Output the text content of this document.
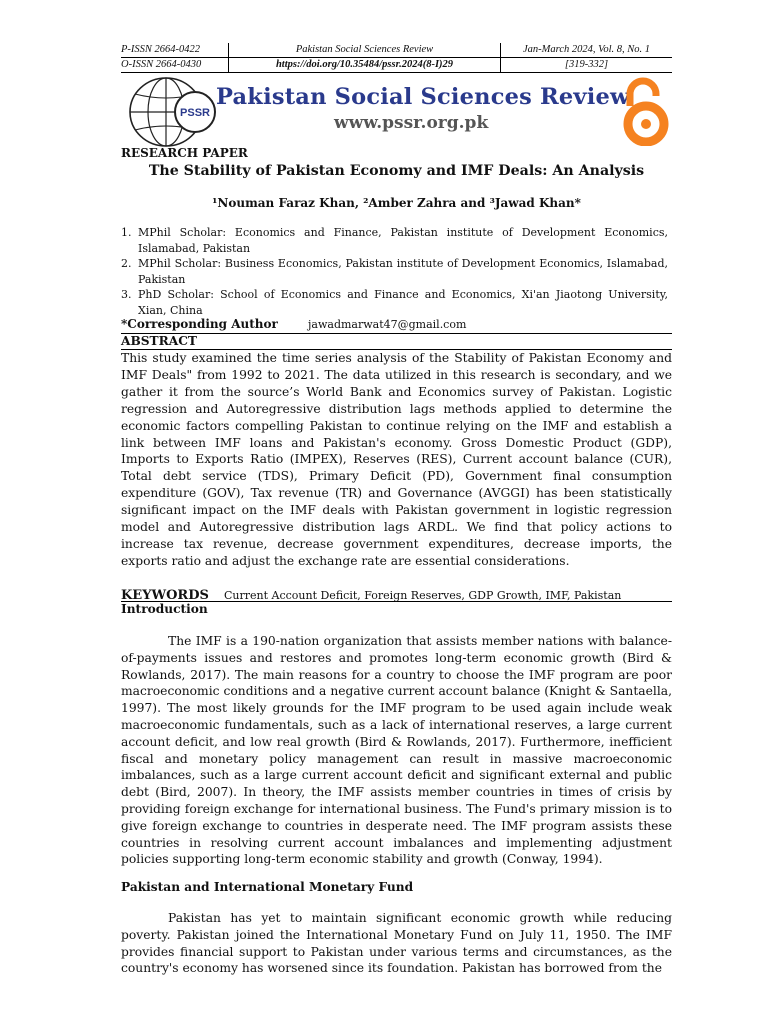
P-ISSN 2664-0422	Pakistan Social Sciences Review	Jan-March 2024, Vol. 8, No. 1
O-ISSN 2664-0430	https://doi.org/10.35484/pssr.2024(8-I)29	[319-332]
PSSR
Pakistan Social Sciences Review
www.pssr.org.pk
RESEARCH PAPER
The Stability of Pakistan Economy and IMF Deals: An Analysis
¹Nouman Faraz Khan, ²Amber Zahra and ³Jawad Khan*
1. MPhil Scholar: Economics and Finance, Pakistan institute of Development Economics, Islamabad, Pakistan
2. MPhil Scholar: Business Economics, Pakistan institute of Development Economics, Islamabad, Pakistan
3. PhD Scholar: School of Economics and Finance and Economics, Xi'an Jiaotong University, Xian, China
*Corresponding Author	jawadmarwat47@gmail.com
ABSTRACT

This study examined the time series analysis of the Stability of Pakistan Economy and IMF Deals" from 1992 to 2021. The data utilized in this research is secondary, and we gather it from the source’s World Bank and Economics survey of Pakistan. Logistic regression and Autoregressive distribution lags methods applied to determine the economic factors compelling Pakistan to continue relying on the IMF and establish a link between IMF loans and Pakistan's economy. Gross Domestic Product (GDP), Imports to Exports Ratio (IMPEX), Reserves (RES), Current account balance (CUR), Total debt service (TDS), Primary Deficit (PD), Government final consumption expenditure (GOV), Tax revenue (TR) and Governance (AVGGI) has been statistically significant impact on the IMF deals with Pakistan government in logistic regression model and Autoregressive distribution lags ARDL. We find that policy actions to increase tax revenue, decrease government expenditures, decrease imports, the exports ratio and adjust the exchange rate are essential considerations.

KEYWORDS Current Account Deficit, Foreign Reserves, GDP Growth, IMF, Pakistan
Introduction

The IMF is a 190-nation organization that assists member nations with balance-of-payments issues and restores and promotes long-term economic growth (Bird & Rowlands, 2017). The main reasons for a country to choose the IMF program are poor macroeconomic conditions and a negative current account balance (Knight & Santaella, 1997). The most likely grounds for the IMF program to be used again include weak macroeconomic fundamentals, such as a lack of international reserves, a large current account deficit, and low real growth (Bird & Rowlands, 2017). Furthermore, inefficient fiscal and monetary policy management can result in massive macroeconomic imbalances, such as a large current account deficit and significant external and public debt (Bird, 2007). In theory, the IMF assists member countries in times of crisis by providing foreign exchange for international business. The Fund's primary mission is to give foreign exchange to countries in desperate need. The IMF program assists these countries in resolving current account imbalances and implementing adjustment policies supporting long-term economic stability and growth (Conway, 1994).

Pakistan and International Monetary Fund

Pakistan has yet to maintain significant economic growth while reducing poverty. Pakistan joined the International Monetary Fund on July 11, 1950. The IMF provides financial support to Pakistan under various terms and circumstances, as the country's economy has worsened since its foundation. Pakistan has borrowed from the
